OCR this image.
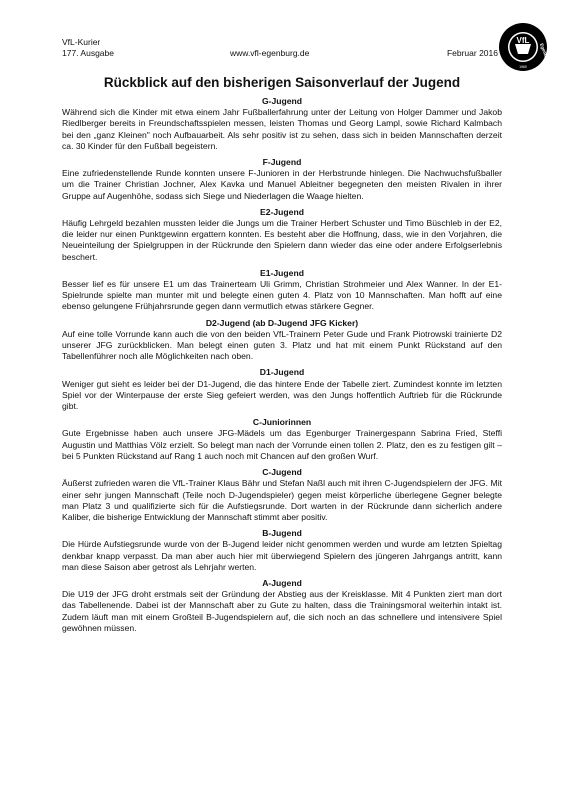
VfL-Kurier
177. Ausgabe	www.vfl-egenburg.de	Februar 2016
VfL
Egenburg
1960
Rückblick auf den bisherigen Saisonverlauf der Jugend
G-Jugend
Während sich die Kinder mit etwa einem Jahr Fußballerfahrung unter der Leitung von Holger Dammer und Jakob Riedlberger bereits in Freundschaftsspielen messen, leisten Thomas und Georg Lampl, sowie Richard Kalmbach bei den „ganz Kleinen" noch Aufbauarbeit. Als sehr positiv ist zu sehen, dass sich in beiden Mannschaften derzeit ca. 30 Kinder für den Fußball begeistern.
F-Jugend
Eine zufriedenstellende Runde konnten unsere F-Junioren in der Herbstrunde hinlegen. Die Nachwuchsfußballer um die Trainer Christian Jochner, Alex Kavka und Manuel Ableitner begegneten den meisten Rivalen in ihrer Gruppe auf Augenhöhe, sodass sich Siege und Niederlagen die Waage hielten.
E2-Jugend
Häufig Lehrgeld bezahlen mussten leider die Jungs um die Trainer Herbert Schuster und Timo Büschleb in der E2, die leider nur einen Punktgewinn ergattern konnten. Es besteht aber die Hoffnung, dass, wie in den Vorjahren, die Neueinteilung der Spielgruppen in der Rückrunde den Spielern dann wieder das eine oder andere Erfolgserlebnis beschert.
E1-Jugend
Besser lief es für unsere E1 um das Trainerteam Uli Grimm, Christian Strohmeier und Alex Wanner. In der E1-Spielrunde spielte man munter mit und belegte einen guten 4. Platz von 10 Mannschaften. Man hofft auf eine ebenso gelungene Frühjahrsrunde gegen dann vermutlich etwas stärkere Gegner.
D2-Jugend (ab D-Jugend JFG Kicker)
Auf eine tolle Vorrunde kann auch die von den beiden VfL-Trainern Peter Gude und Frank Piotrowski trainierte D2 unserer JFG zurückblicken. Man belegt einen guten 3. Platz und hat mit einem Punkt Rückstand auf den Tabellenführer noch alle Möglichkeiten nach oben.
D1-Jugend
Weniger gut sieht es leider bei der D1-Jugend, die das hintere Ende der Tabelle ziert. Zumindest konnte im letzten Spiel vor der Winterpause der erste Sieg gefeiert werden, was den Jungs hoffentlich Auftrieb für die Rückrunde gibt.
C-Juniorinnen
Gute Ergebnisse haben auch unsere JFG-Mädels um das Egenburger Trainergespann Sabrina Fried, Steffi Augustin und Matthias Völz erzielt. So belegt man nach der Vorrunde einen tollen 2. Platz, den es zu festigen gilt – bei 5 Punkten Rückstand auf Rang 1 auch noch mit Chancen auf den großen Wurf.
C-Jugend
Äußerst zufrieden waren die VfL-Trainer Klaus Bähr und Stefan Naßl auch mit ihren C-Jugendspielern der JFG. Mit einer sehr jungen Mannschaft (Teile noch D-Jugendspieler) gegen meist körperliche überlegene Gegner belegte man Platz 3 und qualifizierte sich für die Aufstiegsrunde. Dort warten in der Rückrunde dann sicherlich andere Kaliber, die bisherige Entwicklung der Mannschaft stimmt aber positiv.
B-Jugend
Die Hürde Aufstiegsrunde wurde von der B-Jugend leider nicht genommen werden und wurde am letzten Spieltag denkbar knapp verpasst. Da man aber auch hier mit überwiegend Spielern des jüngeren Jahrgangs antritt, kann man diese Saison aber getrost als Lehrjahr werten.
A-Jugend
Die U19 der JFG droht erstmals seit der Gründung der Abstieg aus der Kreisklasse. Mit 4 Punkten ziert man dort das Tabellenende. Dabei ist der Mannschaft aber zu Gute zu halten, dass die Trainingsmoral weiterhin intakt ist. Zudem läuft man mit einem Großteil B-Jugendspielern auf, die sich noch an das schnellere und intensivere Spiel gewöhnen müssen.
